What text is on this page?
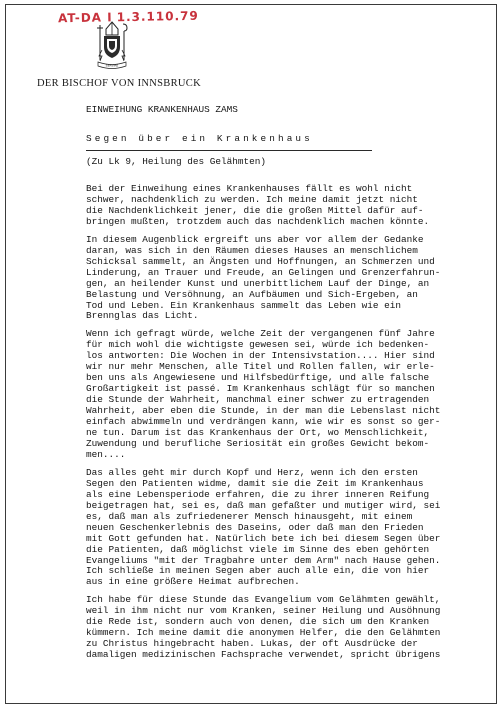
AT-DA I 1.3.110.79
SERVIRE
DER BISCHOF VON INNSBRUCK
EINWEIHUNG KRANKENHAUS ZAMS
Segen über ein Krankenhaus
(Zu Lk 9, Heilung des Gelähmten)
Bei der Einweihung eines Krankenhauses fällt es wohl nicht
schwer, nachdenklich zu werden. Ich meine damit jetzt nicht
die Nachdenklichkeit jener, die die großen Mittel dafür auf-
bringen mußten, trotzdem auch das nachdenklich machen könnte.
In diesem Augenblick ergreift uns aber vor allem der Gedanke
daran, was sich in den Räumen dieses Hauses an menschlichem
Schicksal sammelt, an Ängsten und Hoffnungen, an Schmerzen und
Linderung, an Trauer und Freude, an Gelingen und Grenzerfahrun-
gen, an heilender Kunst und unerbittlichem Lauf der Dinge, an
Belastung und Versöhnung, an Aufbäumen und Sich-Ergeben, an
Tod und Leben. Ein Krankenhaus sammelt das Leben wie ein
Brennglas das Licht.
Wenn ich gefragt würde, welche Zeit der vergangenen fünf Jahre
für mich wohl die wichtigste gewesen sei, würde ich bedenken-
los antworten: Die Wochen in der Intensivstation.... Hier sind
wir nur mehr Menschen, alle Titel und Rollen fallen, wir erle-
ben uns als Angewiesene und Hilfsbedürftige, und alle falsche
Großartigkeit ist passé. Im Krankenhaus schlägt für so manchen
die Stunde der Wahrheit, manchmal einer schwer zu ertragenden
Wahrheit, aber eben die Stunde, in der man die Lebenslast nicht
einfach abwimmeln und verdrängen kann, wie wir es sonst so ger-
ne tun. Darum ist das Krankenhaus der Ort, wo Menschlichkeit,
Zuwendung und berufliche Seriosität ein großes Gewicht bekom-
men....
Das alles geht mir durch Kopf und Herz, wenn ich den ersten
Segen den Patienten widme, damit sie die Zeit im Krankenhaus
als eine Lebensperiode erfahren, die zu ihrer inneren Reifung
beigetragen hat, sei es, daß man gefaßter und mutiger wird, sei
es, daß man als zufriedenerer Mensch hinausgeht, mit einem
neuen Geschenkerlebnis des Daseins, oder daß man den Frieden
mit Gott gefunden hat. Natürlich bete ich bei diesem Segen über
die Patienten, daß möglichst viele im Sinne des eben gehörten
Evangeliums "mit der Tragbahre unter dem Arm" nach Hause gehen.
Ich schließe in meinen Segen aber auch alle ein, die von hier
aus in eine größere Heimat aufbrechen.
Ich habe für diese Stunde das Evangelium vom Gelähmten gewählt,
weil in ihm nicht nur vom Kranken, seiner Heilung und Ausöhnung
die Rede ist, sondern auch von denen, die sich um den Kranken
kümmern. Ich meine damit die anonymen Helfer, die den Gelähmten
zu Christus hingebracht haben. Lukas, der oft Ausdrücke der
damaligen medizinischen Fachsprache verwendet, spricht übrigens
